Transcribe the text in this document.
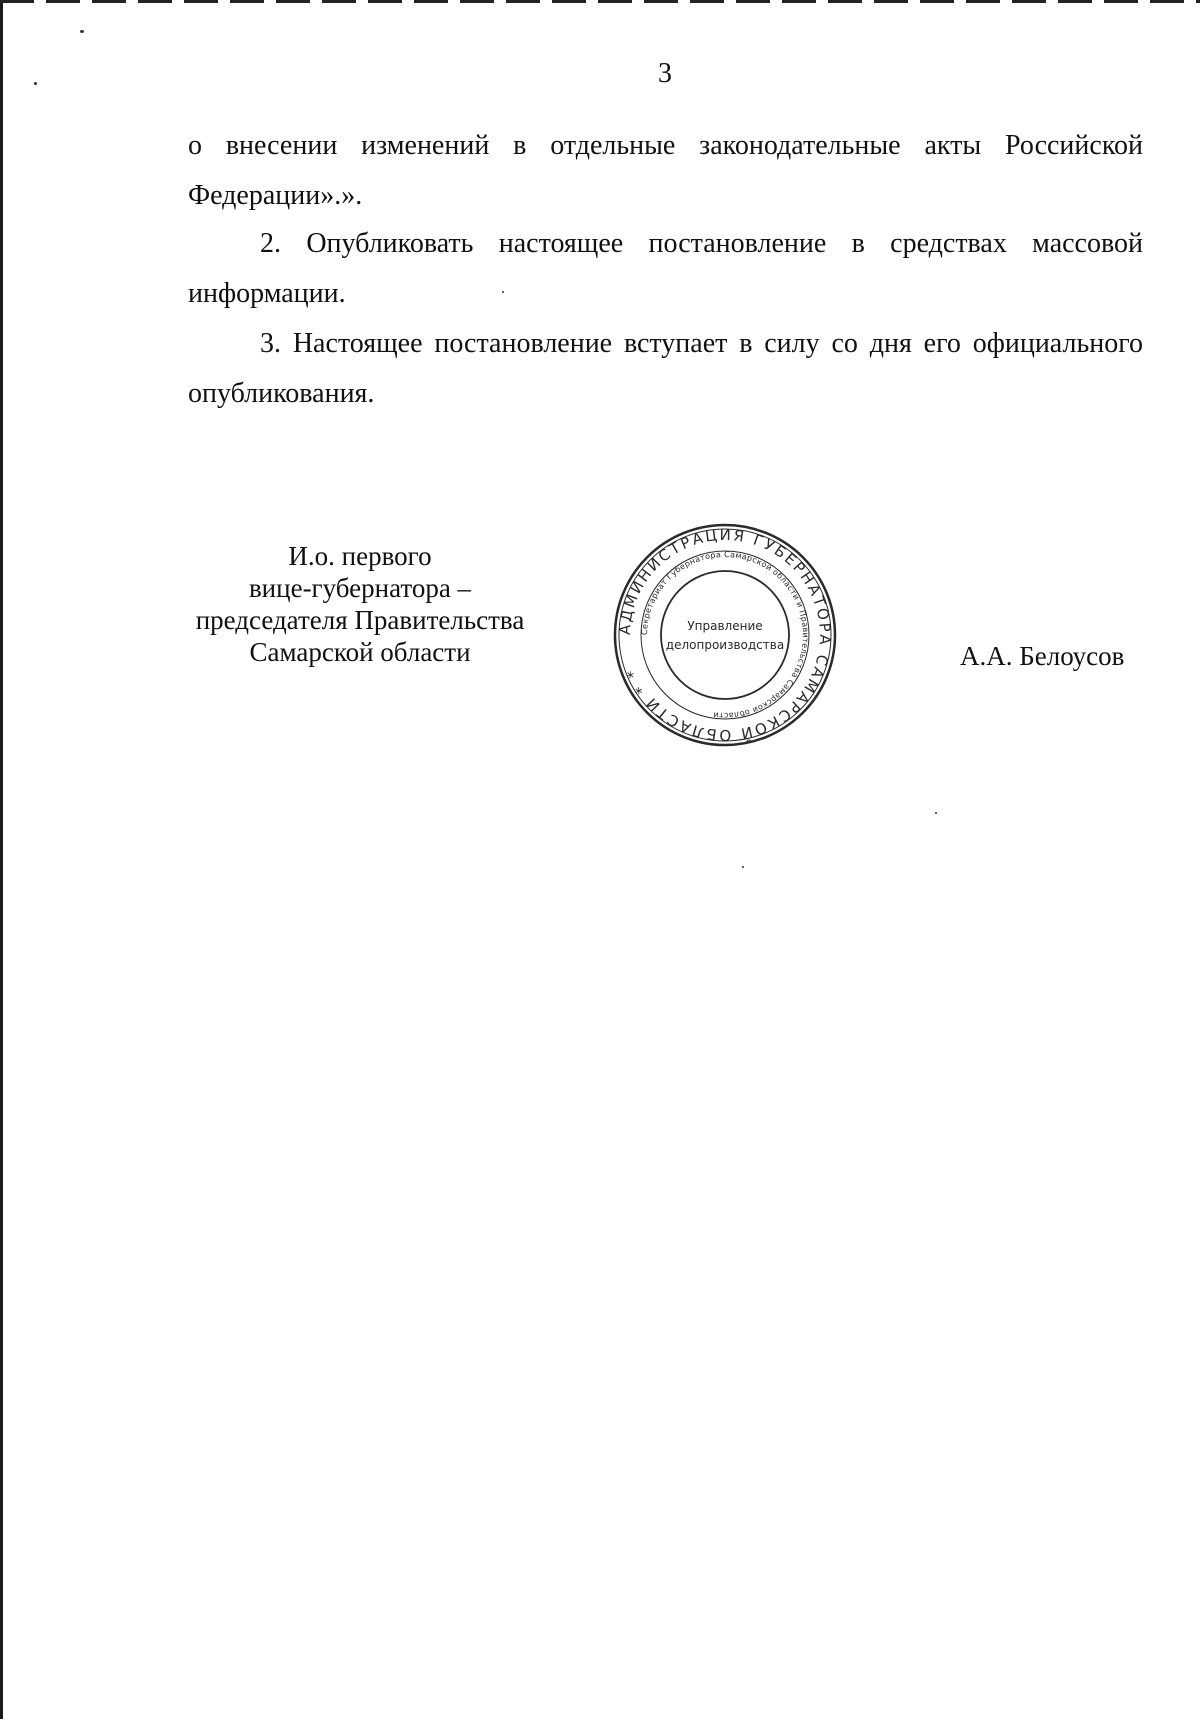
3
о внесении изменений в отдельные законодательные акты Российской
Федерации».».
2. Опубликовать настоящее постановление в средствах массовой
информации.
3. Настоящее постановление вступает в силу со дня его официального
опубликования.
И.о. первого
вице-губернатора –
председателя Правительства
Самарской области
АДМИНИСТРАЦИЯ ГУБЕРНАТОРА САМАРСКОЙ ОБЛАСТИ * *
Секретариат Губернатора Самарской области и Правительства Самарской области
Управление
делопроизводства	А.А. Белоусов
